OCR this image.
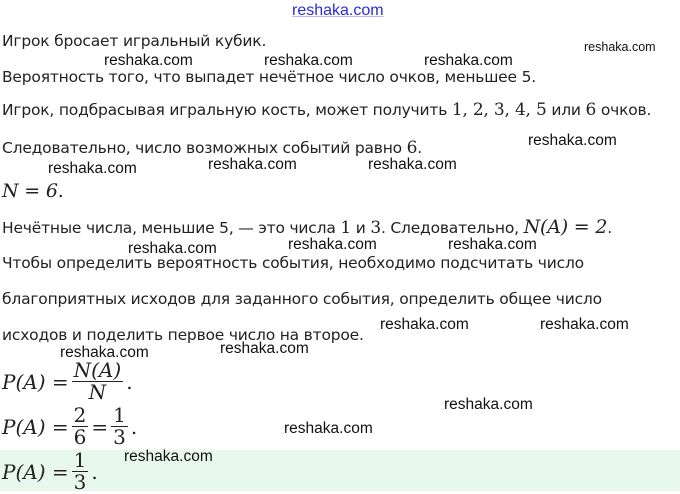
reshaka.com
Игрок бросает игральный кубик.
Вероятность того, что выпадет нечётное число очков, меньшее 5.
Игрок, подбрасывая игральную кость, может получить 1, 2, 3, 4, 5 или 6 очков.
Следовательно, число возможных событий равно 6.
N = 6.
Нечётные числа, меньшие 5, — это числа 1 и 3. Следовательно, N(A) = 2.
Чтобы определить вероятность события, необходимо подсчитать число
благоприятных исходов для заданного события, определить общее число
исходов и поделить первое число на второе.
$P(A) = \frac{N(A)}{N}$ .
$P(A) = \frac{2}{6} = \frac{1}{3}$ .
$P(A) = \frac{1}{3}$ .
reshaka.com	reshaka.com	reshaka.com
reshaka.com
reshaka.com
reshaka.com	reshaka.com	reshaka.com
reshaka.com	reshaka.com	reshaka.com
reshaka.com	reshaka.com
reshaka.com	reshaka.com
reshaka.com
reshaka.com
reshaka.com
